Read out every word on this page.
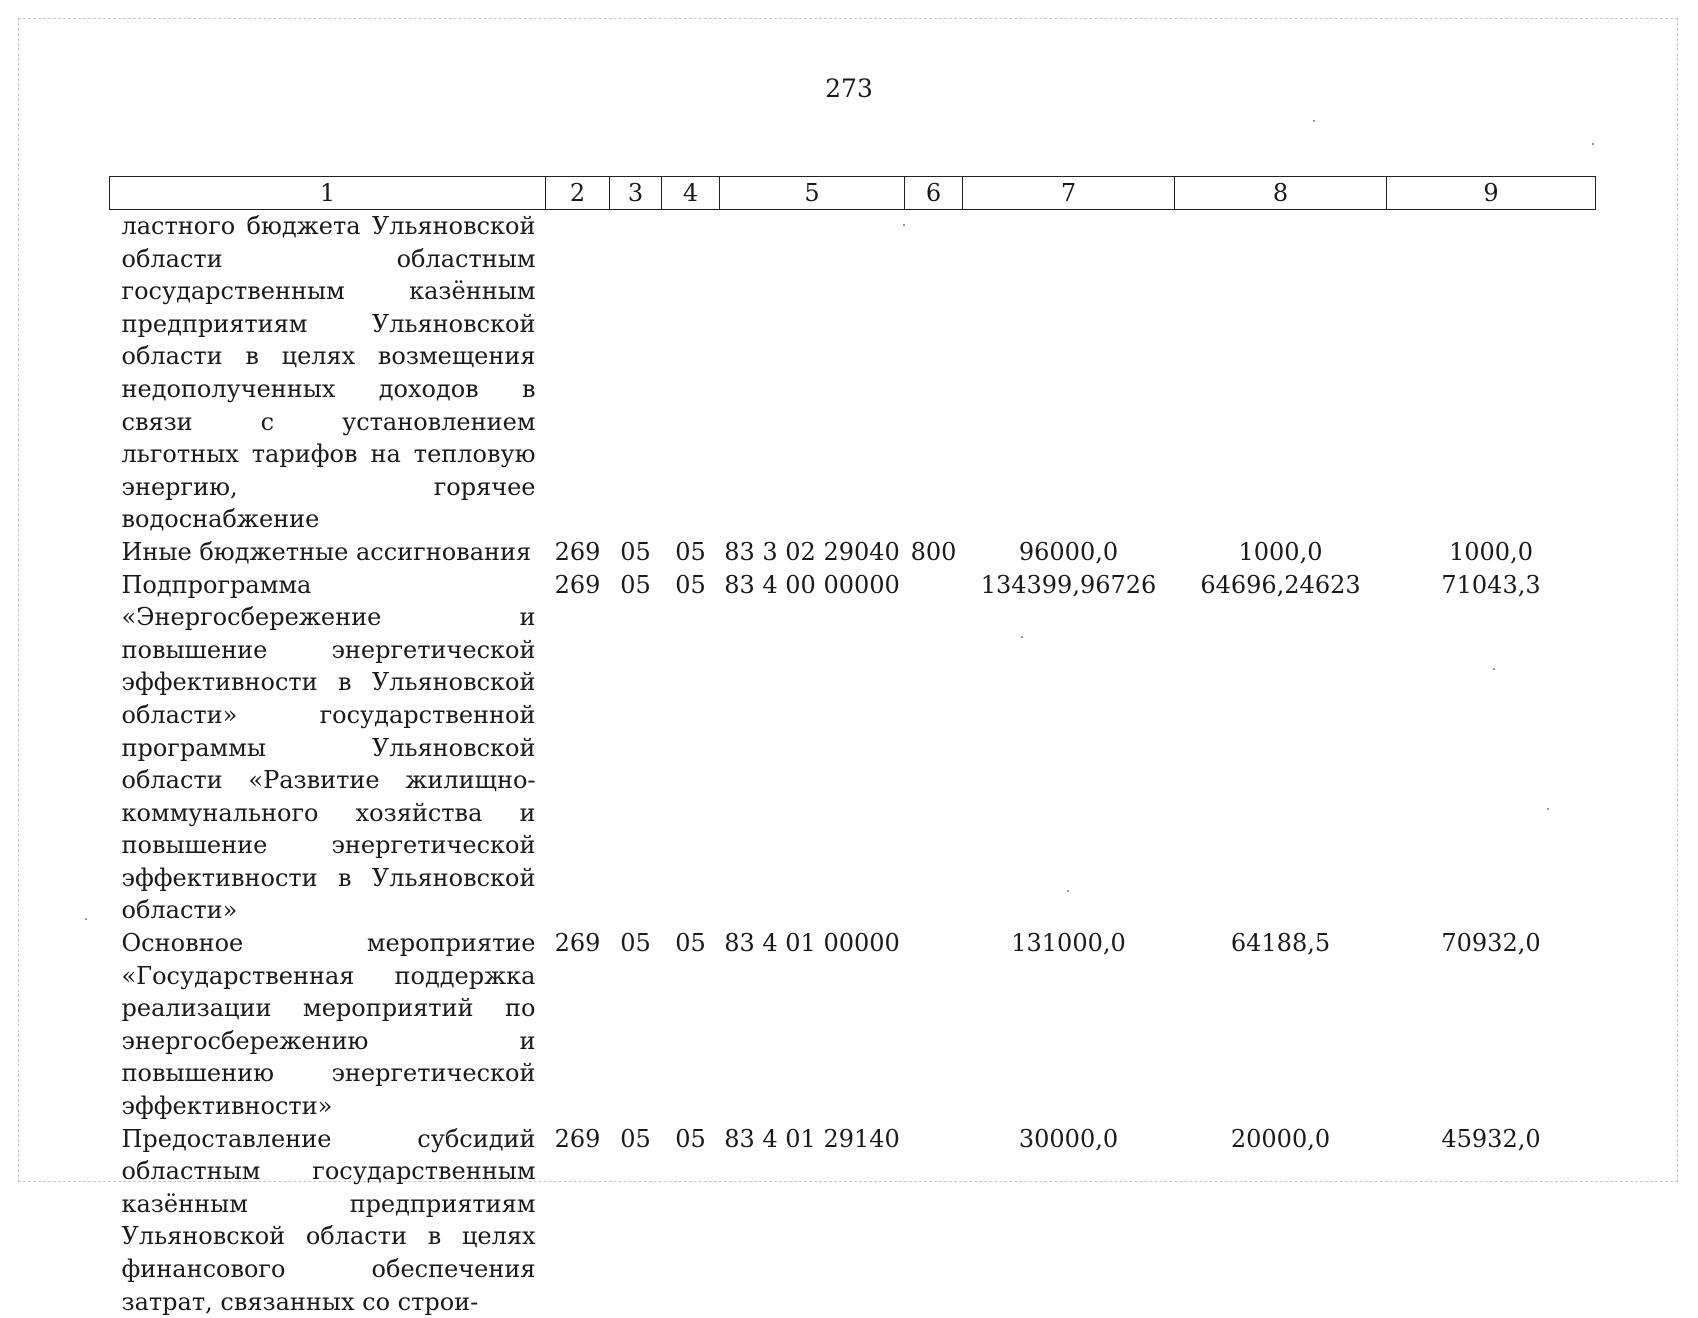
273
1	2	3	4	5	6	7	8	9
ластного бюджета Ульяновской области областным государственным казённым предприятиям Ульяновской области в целях возмещения недополученных доходов в связи с установлением льготных тарифов на тепловую энергию, горячее водоснабжение								
Иные бюджетные ассигнования	269	05	05	83 3 02 29040	800	96000,0	1000,0	1000,0
Подпрограмма «Энергосбережение и повышение энергетической эффективности в Ульяновской области» государственной программы Ульяновской области «Развитие жилищно-коммунального хозяйства и повышение энергетической эффективности в Ульяновской области»	269	05	05	83 4 00 00000		134399,96726	64696,24623	71043,3
Основное мероприятие «Государственная поддержка реализации мероприятий по энергосбережению и повышению энергетической эффективности»	269	05	05	83 4 01 00000		131000,0	64188,5	70932,0
Предоставление субсидий областным государственным казённым предприятиям Ульяновской области в целях финансового обеспечения затрат, связанных со строи-	269	05	05	83 4 01 29140		30000,0	20000,0	45932,0
